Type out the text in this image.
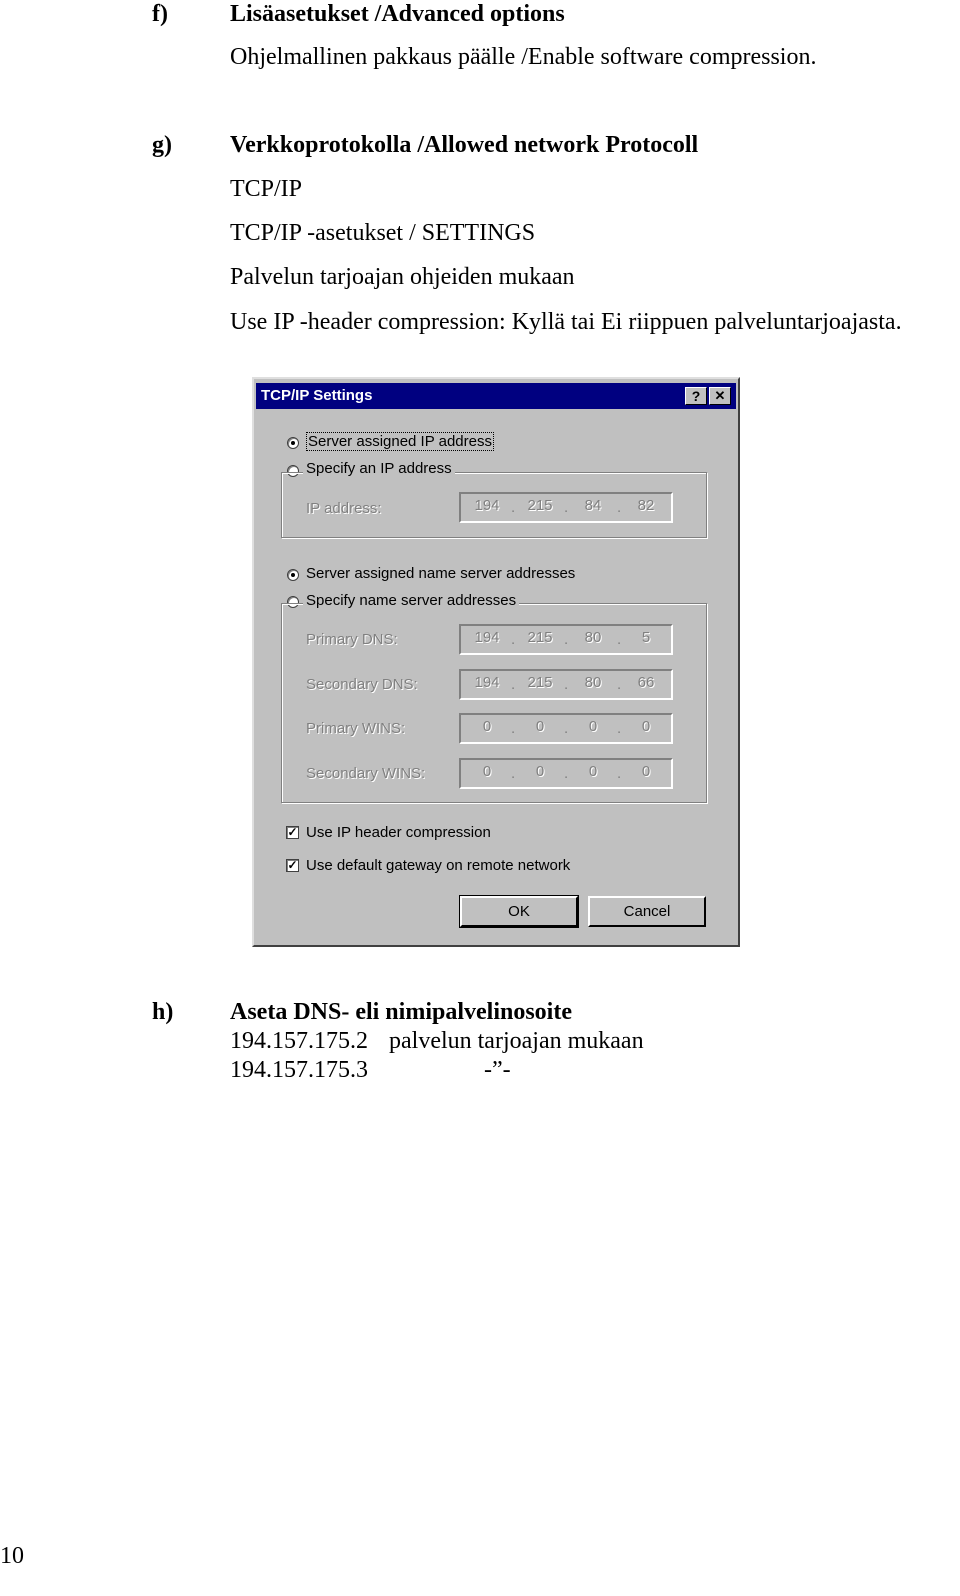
f)	Lisäasetukset /Advanced options
Ohjelmallinen pakkaus päälle /Enable software compression.
g) Verkkoprotokolla /Allowed network Protocoll
TCP/IP
TCP/IP -asetukset / SETTINGS
Palvelun tarjoajan ohjeiden mukaan
Use IP -header compression: Kyllä tai Ei riippuen palveluntarjoajasta.
TCP/IP Settings	?	✕
Server assigned IP address
Specify an IP address
IP address:	194 . 215 .	84	.	82
Server assigned name server addresses
Specify name server addresses
Primary DNS:	194 . 215 .	80	.	5
Secondary DNS:	194 . 215 .	80	.	66
Primary WINS:	0	.	0	.	0	.	0
Secondary WINS:	0	.	0	.	0	.	0
✓ Use IP header compression
✓ Use default gateway on remote network
OK	Cancel
h) Aseta DNS- eli nimipalvelinosoite
194.157.175.2 palvelun tarjoajan mukaan
194.157.175.3	-”-
10
